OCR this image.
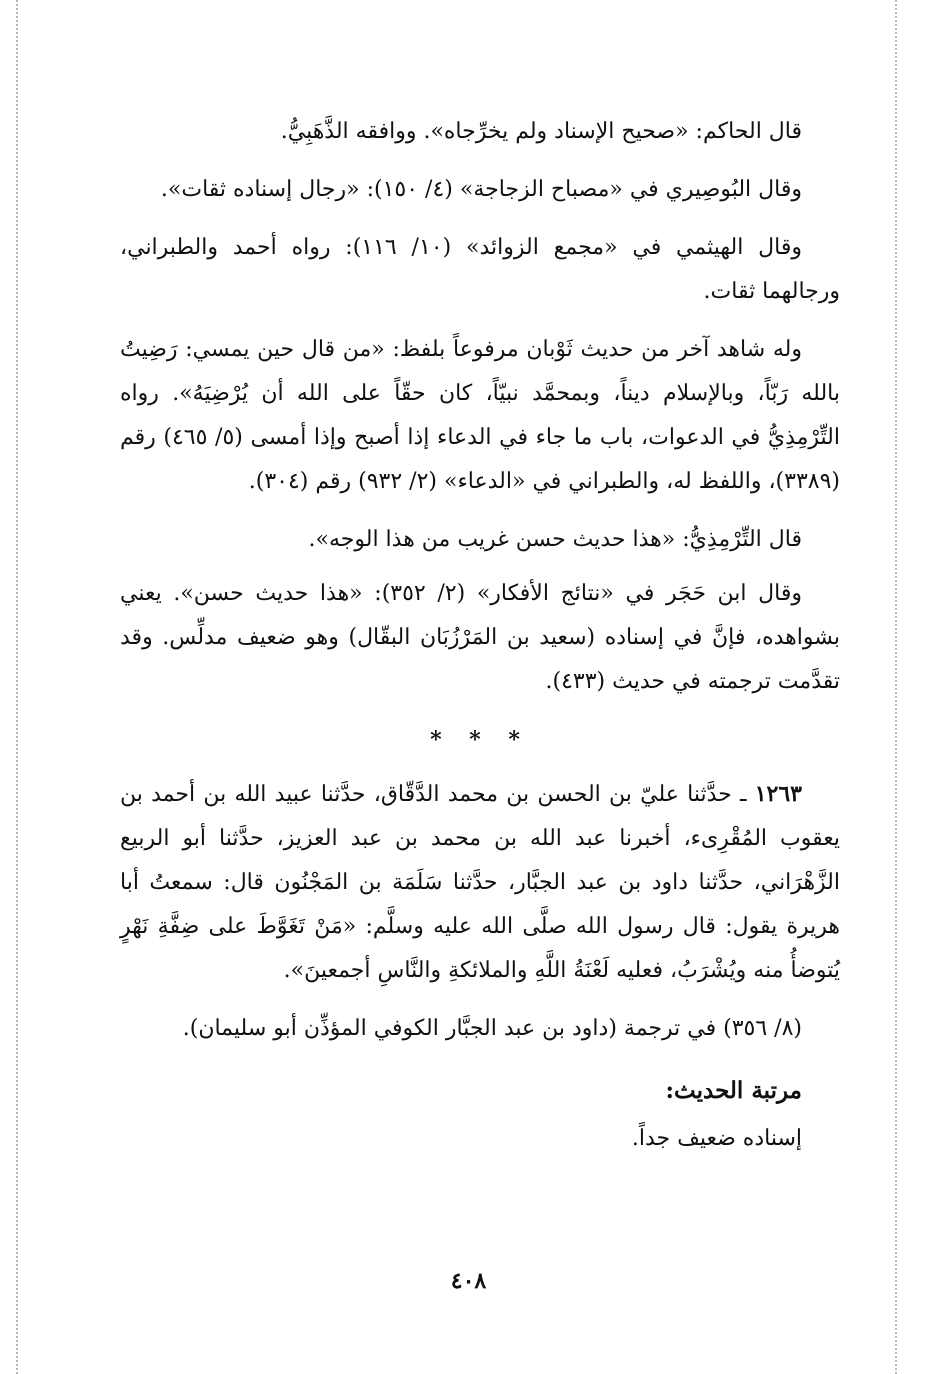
قال الحاكم: «صحيح الإسناد ولم يخرِّجاه». ووافقه الذَّهَبِيُّ.

وقال البُوصِيري في «مصباح الزجاجة» (٤/ ١٥٠): «رجال إسناده ثقات».

وقال الهيثمي في «مجمع الزوائد» (١٠/ ١١٦): رواه أحمد والطبراني، ورجالهما ثقات.

وله شاهد آخر من حديث ثَوْبان مرفوعاً بلفظ: «من قال حين يمسي: رَضِيتُ بالله رَبّاً، وبالإسلام ديناً، وبمحمَّد نبيّاً، كان حقّاً على الله أن يُرْضِيَهُ». رواه التِّرْمِذِيُّ في الدعوات، باب ما جاء في الدعاء إذا أصبح وإذا أمسى (٥/ ٤٦٥) رقم (٣٣٨٩)، واللفظ له، والطبراني في «الدعاء» (٢/ ٩٣٢) رقم (٣٠٤).

قال التِّرْمِذِيُّ: «هذا حديث حسن غريب من هذا الوجه».

وقال ابن حَجَر في «نتائج الأفكار» (٢/ ٣٥٢): «هذا حديث حسن». يعني بشواهده، فإنَّ في إسناده (سعيد بن المَرْزُبَان البقّال) وهو ضعيف مدلِّس. وقد تقدَّمت ترجمته في حديث (٤٣٣).

* * *

١٢٦٣ ـ حدَّثنا عليّ بن الحسن بن محمد الدَّقّاق، حدَّثنا عبيد الله بن أحمد بن يعقوب المُقْرِىء، أخبرنا عبد الله بن محمد بن عبد العزيز، حدَّثنا أبو الربيع الزَّهْرَاني، حدَّثنا داود بن عبد الجبَّار، حدَّثنا سَلَمَة بن المَجْنُون قال: سمعتُ أبا هريرة يقول: قال رسول الله صلَّى الله عليه وسلَّم: «مَنْ تَغَوَّطَ على ضِفَّةِ نَهْرٍ يُتوضأُ منه ويُشْرَبُ، فعليه لَعْنَةُ اللَّهِ والملائكةِ والنَّاسِ أجمعينَ».

(٨/ ٣٥٦) في ترجمة (داود بن عبد الجبَّار الكوفي المؤذِّن أبو سليمان).

مرتبة الحديث:
إسناده ضعيف جداً.
٤٠٨
